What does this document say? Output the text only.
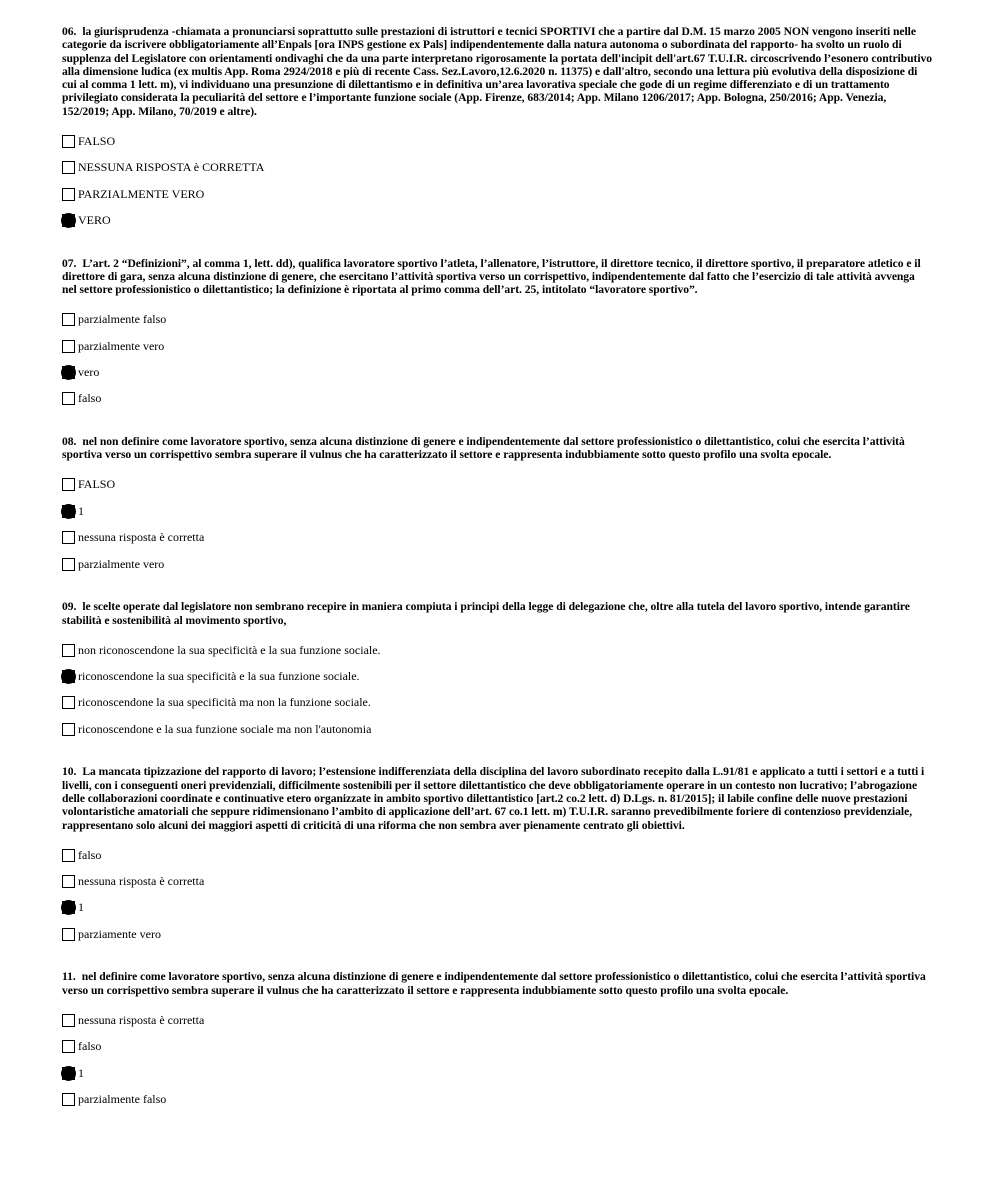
06. la giurisprudenza -chiamata a pronunciarsi soprattutto sulle prestazioni di istruttori e tecnici SPORTIVI che a partire dal D.M. 15 marzo 2005 NON vengono inseriti nelle categorie da iscrivere obbligatoriamente all’Enpals [ora INPS gestione ex Pals] indipendentemente dalla natura autonoma o subordinata del rapporto- ha svolto un ruolo di supplenza del Legislatore con orientamenti ondivaghi che da una parte interpretano rigorosamente la portata dell'incipit dell'art.67 T.U.I.R. circoscrivendo l’esonero contributivo alla dimensione ludica (ex multis App. Roma 2924/2018 e più di recente Cass. Sez.Lavoro,12.6.2020 n. 11375) e dall'altro, secondo una lettura più evolutiva della disposizione di cui al comma 1 lett. m), vi individuano una presunzione di dilettantismo e in definitiva un’area lavorativa speciale che gode di un regime differenziato e di un trattamento privilegiato considerata la peculiarità del settore e l’importante funzione sociale (App. Firenze, 683/2014; App. Milano 1206/2017; App. Bologna, 250/2016; App. Venezia, 152/2019; App. Milano, 70/2019 e altre).

FALSO
NESSUNA RISPOSTA è CORRETTA
PARZIALMENTE VERO
VERO

07. L’art. 2 “Definizioni”, al comma 1, lett. dd), qualifica lavoratore sportivo l’atleta, l’allenatore, l’istruttore, il direttore tecnico, il direttore sportivo, il preparatore atletico e il direttore di gara, senza alcuna distinzione di genere, che esercitano l’attività sportiva verso un corrispettivo, indipendentemente dal fatto che l’esercizio di tale attività avvenga nel settore professionistico o dilettantistico; la definizione è riportata al primo comma dell’art. 25, intitolato “lavoratore sportivo”.

parzialmente falso
parzialmente vero
vero
falso

08. nel non definire come lavoratore sportivo, senza alcuna distinzione di genere e indipendentemente dal settore professionistico o dilettantistico, colui che esercita l’attività sportiva verso un corrispettivo sembra superare il vulnus che ha caratterizzato il settore e rappresenta indubbiamente sotto questo profilo una svolta epocale.

FALSO
1
nessuna risposta è corretta
parzialmente vero

09. le scelte operate dal legislatore non sembrano recepire in maniera compiuta i principi della legge di delegazione che, oltre alla tutela del lavoro sportivo, intende garantire stabilità e sostenibilità al movimento sportivo,

non riconoscendone la sua specificità e la sua funzione sociale.
riconoscendone la sua specificità e la sua funzione sociale.
riconoscendone la sua specificità ma non la funzione sociale.
riconoscendone e la sua funzione sociale ma non l'autonomia

10. La mancata tipizzazione del rapporto di lavoro; l’estensione indifferenziata della disciplina del lavoro subordinato recepito dalla L.91/81 e applicato a tutti i settori e a tutti i livelli, con i conseguenti oneri previdenziali, difficilmente sostenibili per il settore dilettantistico che deve obbligatoriamente operare in un contesto non lucrativo; l’abrogazione delle collaborazioni coordinate e continuative etero organizzate in ambito sportivo dilettantistico [art.2 co.2 lett. d) D.Lgs. n. 81/2015]; il labile confine delle nuove prestazioni volontaristiche amatoriali che seppure ridimensionano l’ambito di applicazione dell’art. 67 co.1 lett. m) T.U.I.R. saranno prevedibilmente foriere di contenzioso previdenziale, rappresentano solo alcuni dei maggiori aspetti di criticità di una riforma che non sembra aver pienamente centrato gli obiettivi.

falso
nessuna risposta è corretta
1
parziamente vero

11. nel definire come lavoratore sportivo, senza alcuna distinzione di genere e indipendentemente dal settore professionistico o dilettantistico, colui che esercita l’attività sportiva verso un corrispettivo sembra superare il vulnus che ha caratterizzato il settore e rappresenta indubbiamente sotto questo profilo una svolta epocale.

nessuna risposta è corretta
falso
1
parzialmente falso
